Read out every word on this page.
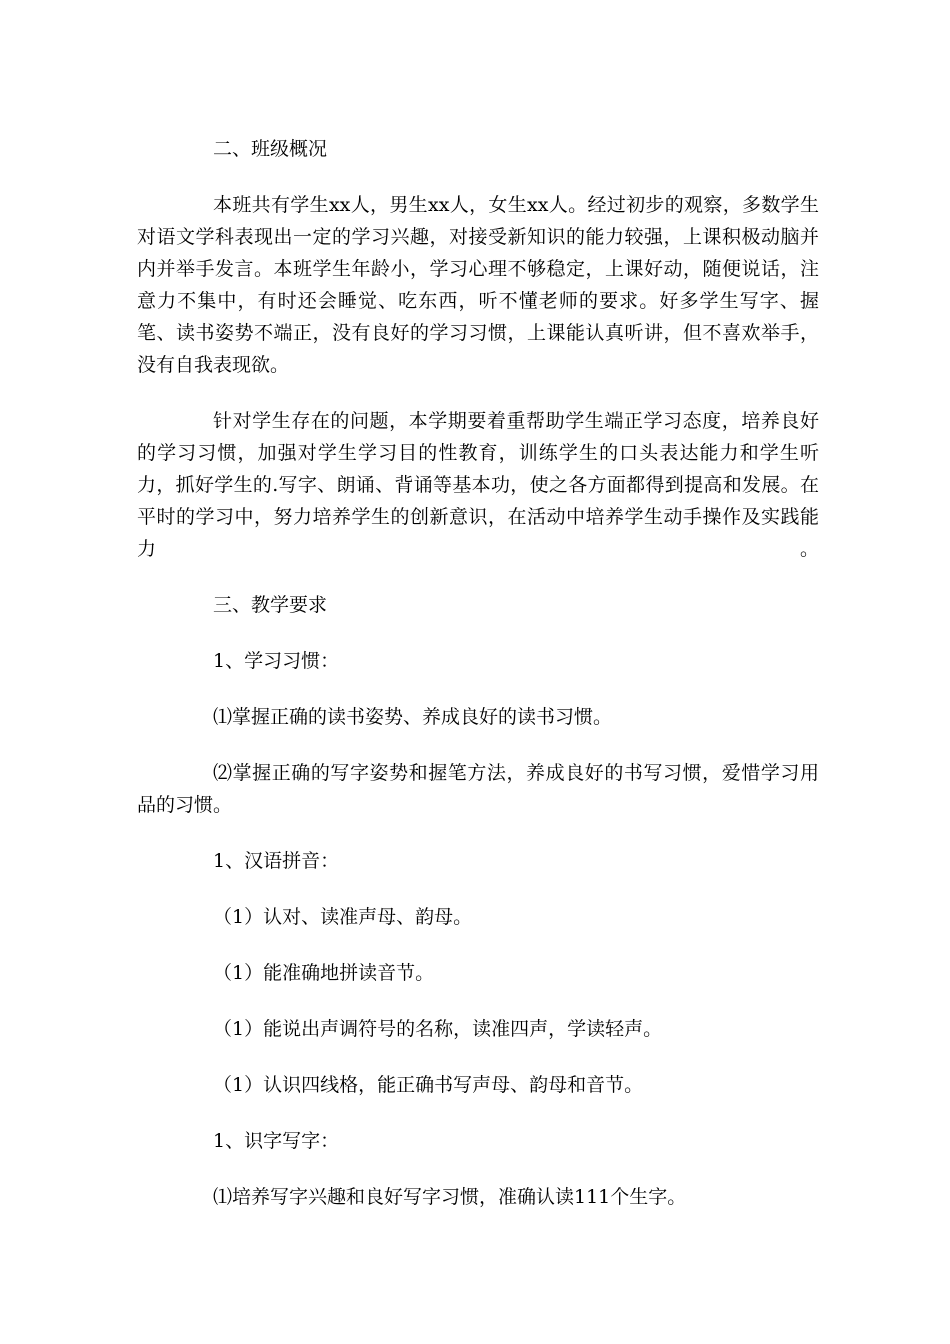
二、班级概况

本班共有学生xx人，男生xx人，女生xx人。经过初步的观察，多数学生对语文学科表现出一定的学习兴趣，对接受新知识的能力较强，上课积极动脑并内并举手发言。本班学生年龄小，学习心理不够稳定，上课好动，随便说话，注意力不集中，有时还会睡觉、吃东西，听不懂老师的要求。好多学生写字、握笔、读书姿势不端正，没有良好的学习习惯，上课能认真听讲，但不喜欢举手，没有自我表现欲。

针对学生存在的问题，本学期要着重帮助学生端正学习态度，培养良好的学习习惯，加强对学生学习目的性教育，训练学生的口头表达能力和学生听力，抓好学生的.写字、朗诵、背诵等基本功，使之各方面都得到提高和发展。在平时的学习中，努力培养学生的创新意识，在活动中培养学生动手操作及实践能力。

三、教学要求

1、学习习惯：

⑴掌握正确的读书姿势、养成良好的读书习惯。

⑵掌握正确的写字姿势和握笔方法，养成良好的书写习惯，爱惜学习用品的习惯。

1、汉语拼音：

（1）认对、读准声母、韵母。

（1）能准确地拼读音节。

（1）能说出声调符号的名称，读准四声，学读轻声。

（1）认识四线格，能正确书写声母、韵母和音节。

1、识字写字：

⑴培养写字兴趣和良好写字习惯，准确认读111个生字。
